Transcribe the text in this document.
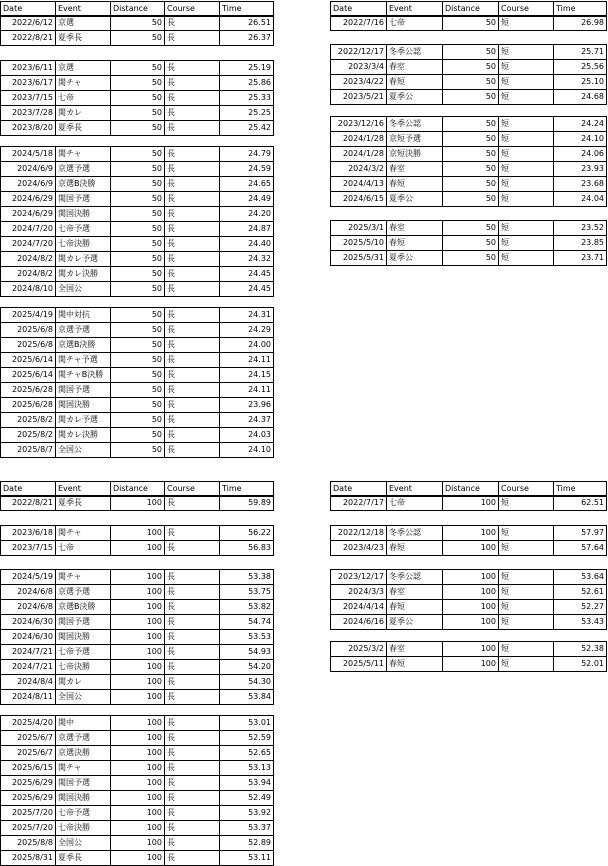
Date	Event	Distance	Course	Time
2022/6/12	京選	50	長	26.51
2022/8/21	夏季長	50	長	26.37
2023/6/11	京選	50	長	25.19
2023/6/17	関チャ	50	長	25.86
2023/7/15	七帝	50	長	25.33
2023/7/28	関カレ	50	長	25.25
2023/8/20	夏季長	50	長	25.42
2024/5/18	関チャ	50	長	24.79
2024/6/9	京選予選	50	長	24.59
2024/6/9	京選B決勝	50	長	24.65
2024/6/29	関国予選	50	長	24.49
2024/6/29	関国決勝	50	長	24.20
2024/7/20	七帝予選	50	長	24.87
2024/7/20	七帝決勝	50	長	24.40
2024/8/2	関カレ予選	50	長	24.32
2024/8/2	関カレ決勝	50	長	24.45
2024/8/10	全国公	50	長	24.45
2025/4/19	関中対抗	50	長	24.31
2025/6/8	京選予選	50	長	24.29
2025/6/8	京選B決勝	50	長	24.00
2025/6/14	関チャ予選	50	長	24.11
2025/6/14	関チャB決勝	50	長	24.15
2025/6/28	関国予選	50	長	24.11
2025/6/28	関国決勝	50	長	23.96
2025/8/2	関カレ予選	50	長	24.37
2025/8/2	関カレ決勝	50	長	24.03
2025/8/7	全国公	50	長	24.10
Date	Event	Distance	Course	Time
2022/7/16	七帝	50	短	26.98
2022/12/17	冬季公認	50	短	25.71
2023/3/4	春室	50	短	25.56
2023/4/22	春短	50	短	25.10
2023/5/21	夏季公	50	短	24.68
2023/12/16	冬季公認	50	短	24.24
2024/1/28	京短予選	50	短	24.10
2024/1/28	京短決勝	50	短	24.06
2024/3/2	春室	50	短	23.93
2024/4/13	春短	50	短	23.68
2024/6/15	夏季公	50	短	24.04
2025/3/1	春室	50	短	23.52
2025/5/10	春短	50	短	23.85
2025/5/31	夏季公	50	短	23.71
Date	Event	Distance	Course	Time
2022/8/21	夏季長	100	長	59.89
2023/6/18	関チャ	100	長	56.22
2023/7/15	七帝	100	長	56.83
2024/5/19	関チャ	100	長	53.38
2024/6/8	京選予選	100	長	53.75
2024/6/8	京選B決勝	100	長	53.82
2024/6/30	関国予選	100	長	54.74
2024/6/30	関国決勝	100	長	53.53
2024/7/21	七帝予選	100	長	54.93
2024/7/21	七帝決勝	100	長	54.20
2024/8/4	関カレ	100	長	54.30
2024/8/11	全国公	100	長	53.84
2025/4/20	関中	100	長	53.01
2025/6/7	京選予選	100	長	52.59
2025/6/7	京選決勝	100	長	52.65
2025/6/15	関チャ	100	長	53.13
2025/6/29	関国予選	100	長	53.94
2025/6/29	関国決勝	100	長	52.49
2025/7/20	七帝予選	100	長	53.92
2025/7/20	七帝決勝	100	長	53.37
2025/8/8	全国公	100	長	52.89
2025/8/31	夏季長	100	長	53.11
Date	Event	Distance	Course	Time
2022/7/17	七帝	100	短	62.51
2022/12/18	冬季公認	100	短	57.97
2023/4/23	春短	100	短	57.64
2023/12/17	冬季公認	100	短	53.64
2024/3/3	春室	100	短	52.61
2024/4/14	春短	100	短	52.27
2024/6/16	夏季公	100	短	53.43
2025/3/2	春室	100	短	52.38
2025/5/11	春短	100	短	52.01
